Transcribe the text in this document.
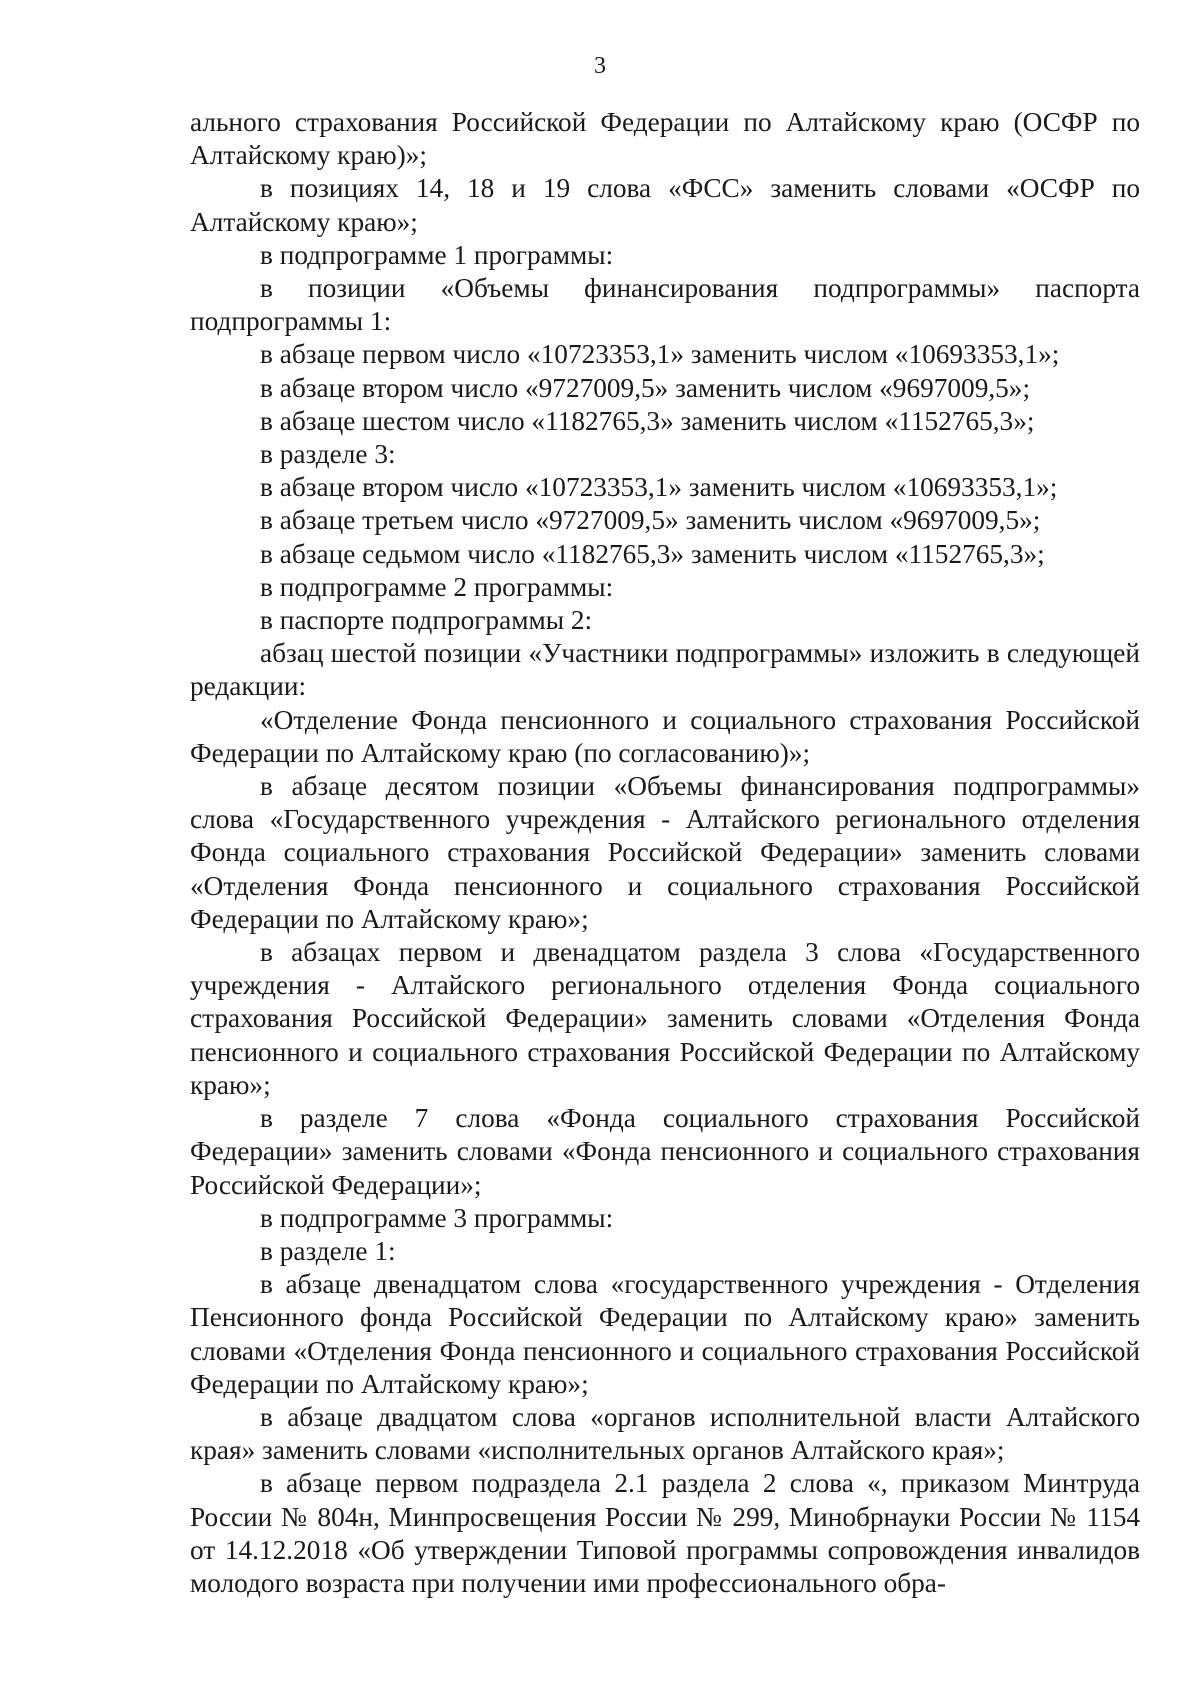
3

ального страхования Российской Федерации по Алтайскому краю (ОСФР по Алтайскому краю)»;

в позициях 14, 18 и 19 слова «ФСС» заменить словами «ОСФР по Алтайскому краю»;

в подпрограмме 1 программы:

в позиции «Объемы финансирования подпрограммы» паспорта подпрограммы 1:

в абзаце первом число «10723353,1» заменить числом «10693353,1»;

в абзаце втором число «9727009,5» заменить числом «9697009,5»;

в абзаце шестом число «1182765,3» заменить числом «1152765,3»;

в разделе 3:

в абзаце втором число «10723353,1» заменить числом «10693353,1»;

в абзаце третьем число «9727009,5» заменить числом «9697009,5»;

в абзаце седьмом число «1182765,3» заменить числом «1152765,3»;

в подпрограмме 2 программы:

в паспорте подпрограммы 2:

абзац шестой позиции «Участники подпрограммы» изложить в следующей редакции:

«Отделение Фонда пенсионного и социального страхования Российской Федерации по Алтайскому краю (по согласованию)»;

в абзаце десятом позиции «Объемы финансирования подпрограммы» слова «Государственного учреждения - Алтайского регионального отделения Фонда социального страхования Российской Федерации» заменить словами «Отделения Фонда пенсионного и социального страхования Российской Федерации по Алтайскому краю»;

в абзацах первом и двенадцатом раздела 3 слова «Государственного учреждения - Алтайского регионального отделения Фонда социального страхования Российской Федерации» заменить словами «Отделения Фонда пенсионного и социального страхования Российской Федерации по Алтайскому краю»;

в разделе 7 слова «Фонда социального страхования Российской Федерации» заменить словами «Фонда пенсионного и социального страхования Российской Федерации»;

в подпрограмме 3 программы:

в разделе 1:

в абзаце двенадцатом слова «государственного учреждения - Отделения Пенсионного фонда Российской Федерации по Алтайскому краю» заменить словами «Отделения Фонда пенсионного и социального страхования Российской Федерации по Алтайскому краю»;

в абзаце двадцатом слова «органов исполнительной власти Алтайского края» заменить словами «исполнительных органов Алтайского края»;

в абзаце первом подраздела 2.1 раздела 2 слова «, приказом Минтруда России № 804н, Минпросвещения России № 299, Минобрнауки России № 1154 от 14.12.2018 «Об утверждении Типовой программы сопровождения инвалидов молодого возраста при получении ими профессионального обра-
